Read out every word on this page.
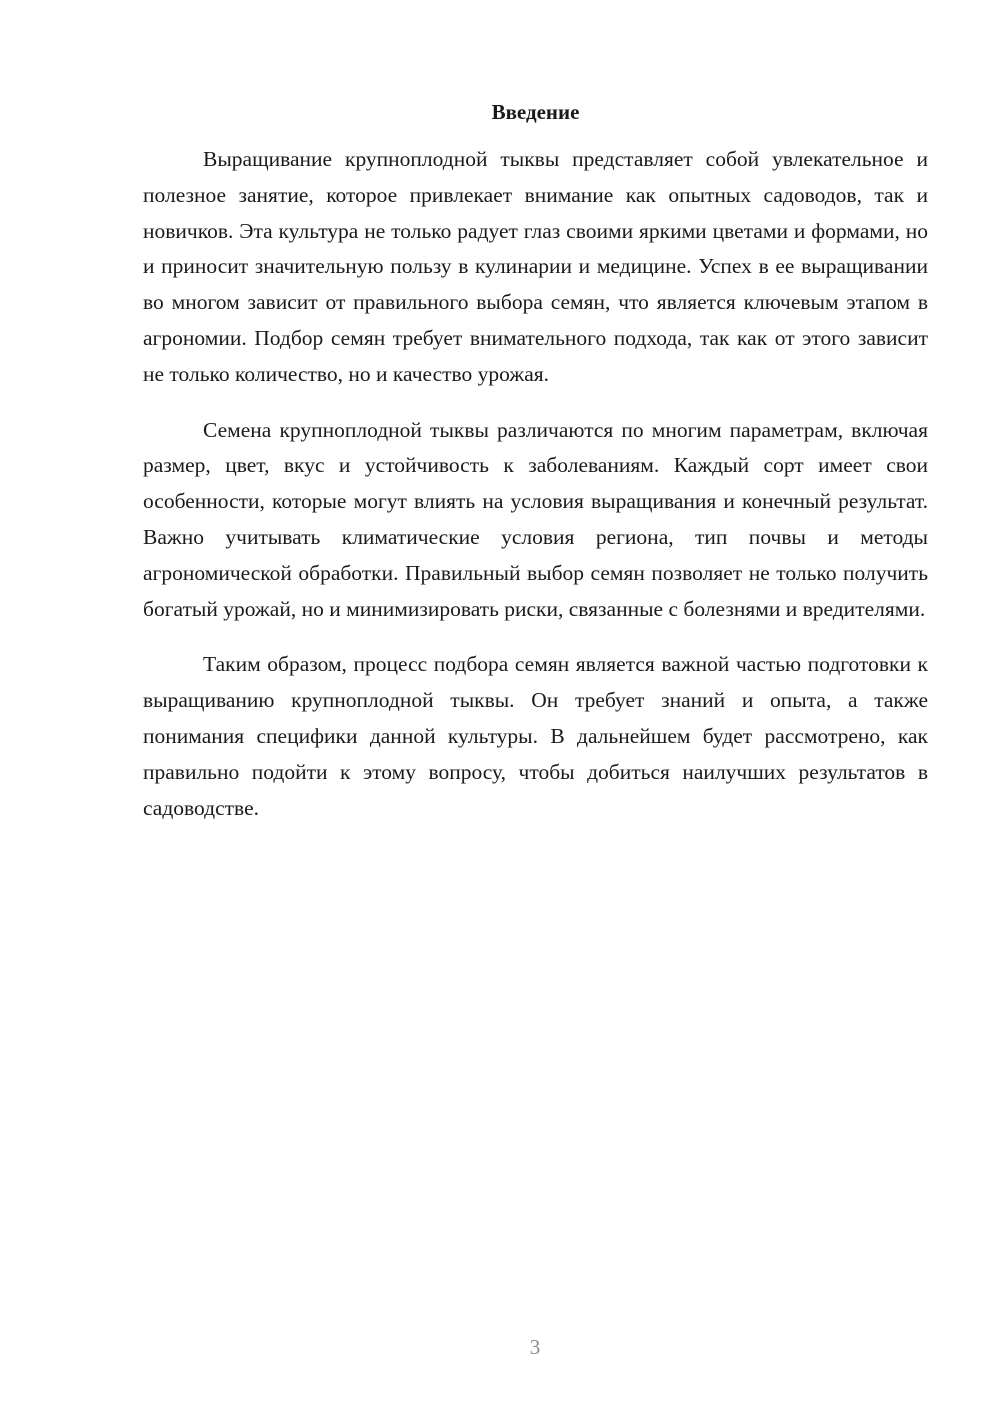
Введение

Выращивание крупноплодной тыквы представляет собой увлекательное и полезное занятие, которое привлекает внимание как опытных садоводов, так и новичков. Эта культура не только радует глаз своими яркими цветами и формами, но и приносит значительную пользу в кулинарии и медицине. Успех в ее выращивании во многом зависит от правильного выбора семян, что является ключевым этапом в агрономии. Подбор семян требует внимательного подхода, так как от этого зависит не только количество, но и качество урожая.

Семена крупноплодной тыквы различаются по многим параметрам, включая размер, цвет, вкус и устойчивость к заболеваниям. Каждый сорт имеет свои особенности, которые могут влиять на условия выращивания и конечный результат. Важно учитывать климатические условия региона, тип почвы и методы агрономической обработки. Правильный выбор семян позволяет не только получить богатый урожай, но и минимизировать риски, связанные с болезнями и вредителями.

Таким образом, процесс подбора семян является важной частью подготовки к выращиванию крупноплодной тыквы. Он требует знаний и опыта, а также понимания специфики данной культуры. В дальнейшем будет рассмотрено, как правильно подойти к этому вопросу, чтобы добиться наилучших результатов в садоводстве.

3
